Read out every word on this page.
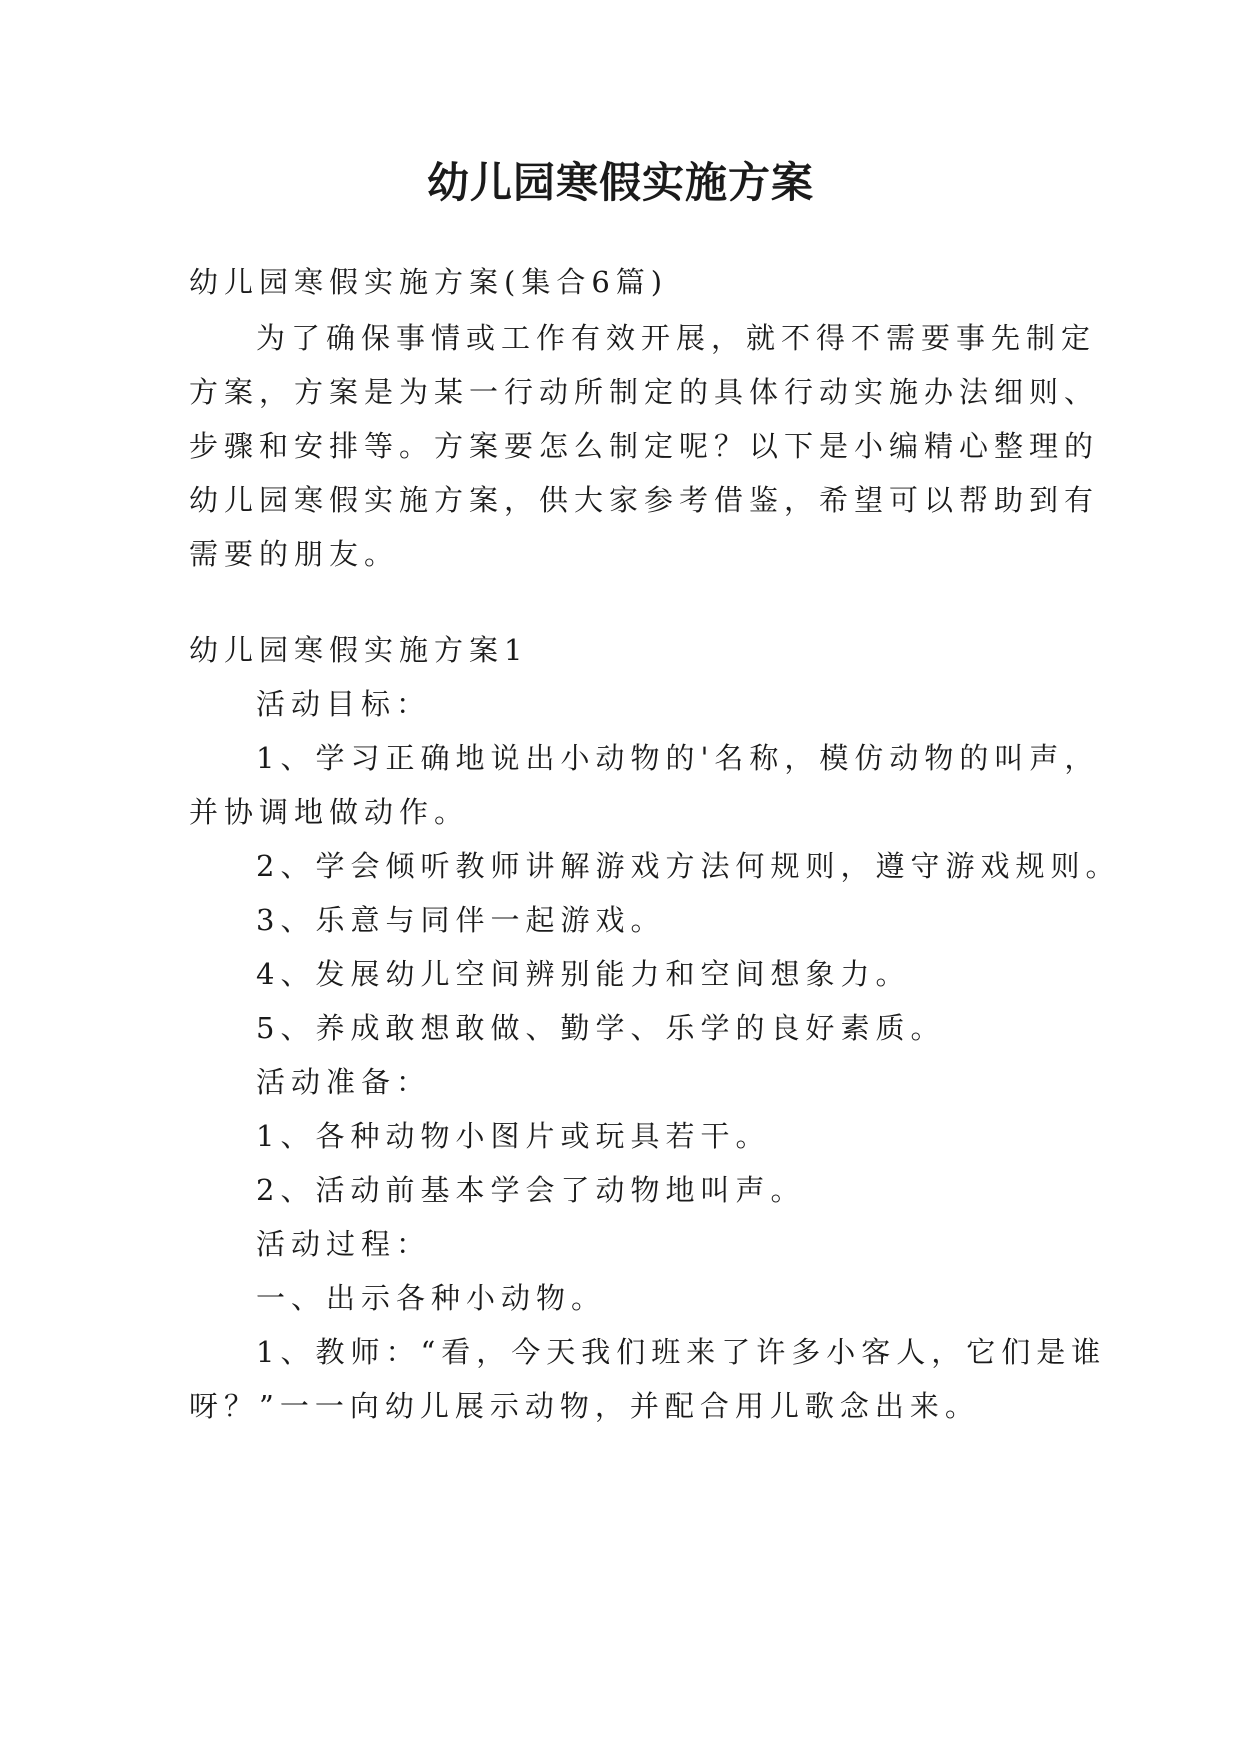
幼儿园寒假实施方案
幼儿园寒假实施方案(集合6篇)
为了确保事情或工作有效开展，就不得不需要事先制定
方案，方案是为某一行动所制定的具体行动实施办法细则、
步骤和安排等。方案要怎么制定呢？以下是小编精心整理的
幼儿园寒假实施方案，供大家参考借鉴，希望可以帮助到有
需要的朋友。
幼儿园寒假实施方案1
活动目标：
1、学习正确地说出小动物的'名称，模仿动物的叫声，
并协调地做动作。
2、学会倾听教师讲解游戏方法何规则，遵守游戏规则。
3、乐意与同伴一起游戏。
4、发展幼儿空间辨别能力和空间想象力。
5、养成敢想敢做、勤学、乐学的良好素质。
活动准备：
1、各种动物小图片或玩具若干。
2、活动前基本学会了动物地叫声。
活动过程：
一、出示各种小动物。
1、教师：“看，今天我们班来了许多小客人，它们是谁
呀？”一一向幼儿展示动物，并配合用儿歌念出来。
